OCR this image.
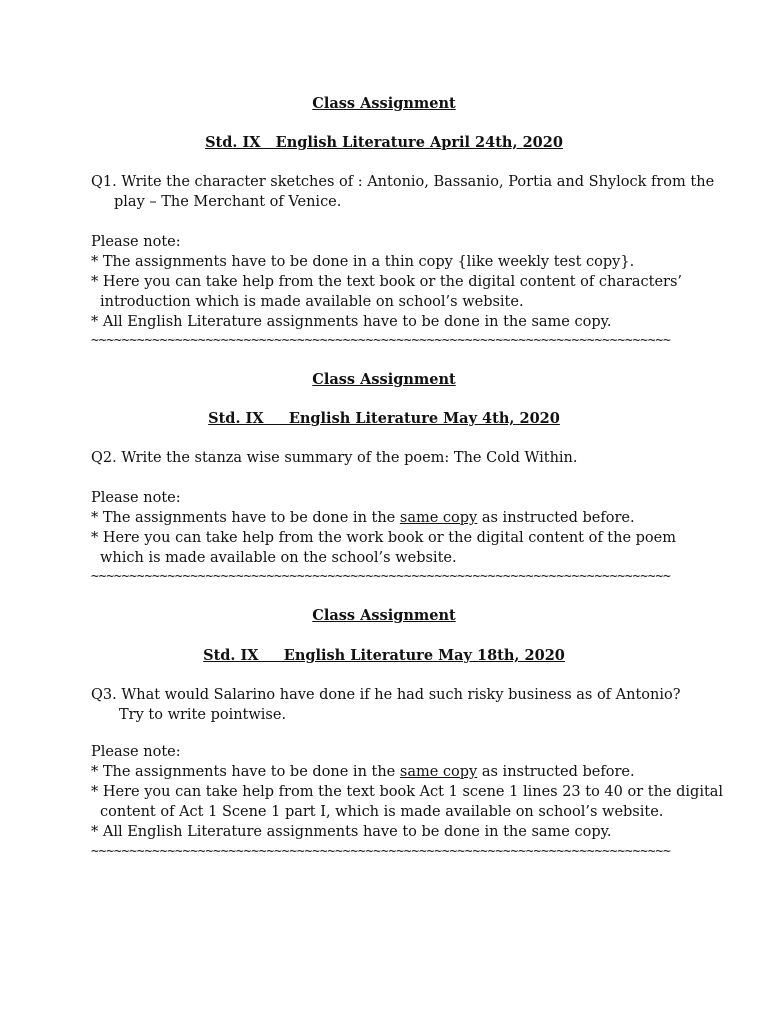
Class Assignment
Std. IX   English Literature April 24th, 2020
Q1. Write the character sketches of : Antonio, Bassanio, Portia and Shylock from the
play – The Merchant of Venice.
Please note:
* The assignments have to be done in a thin copy {like weekly test copy}.
* Here you can take help from the text book or the digital content of characters’
introduction which is made available on school’s website.
* All English Literature assignments have to be done in the same copy.
~~~~~~~~~~~~~~~~~~~~~~~~~~~~~~~~~~~~~~~~~~~~~~~~~~~~~~~~~~~~~~~~~~~~~~~~~~~~
Class Assignment
Std. IX     English Literature May 4th, 2020
Q2. Write the stanza wise summary of the poem: The Cold Within.
Please note:
* The assignments have to be done in the same copy as instructed before.
* Here you can take help from the work book or the digital content of the poem
which is made available on the school’s website.
~~~~~~~~~~~~~~~~~~~~~~~~~~~~~~~~~~~~~~~~~~~~~~~~~~~~~~~~~~~~~~~~~~~~~~~~~~~~
Class Assignment
Std. IX     English Literature May 18th, 2020
Q3. What would Salarino have done if he had such risky business as of Antonio?
Try to write pointwise.
Please note:
* The assignments have to be done in the same copy as instructed before.
* Here you can take help from the text book Act 1 scene 1 lines 23 to 40 or the digital
content of Act 1 Scene 1 part I, which is made available on school’s website.
* All English Literature assignments have to be done in the same copy.
~~~~~~~~~~~~~~~~~~~~~~~~~~~~~~~~~~~~~~~~~~~~~~~~~~~~~~~~~~~~~~~~~~~~~~~~~~~~
